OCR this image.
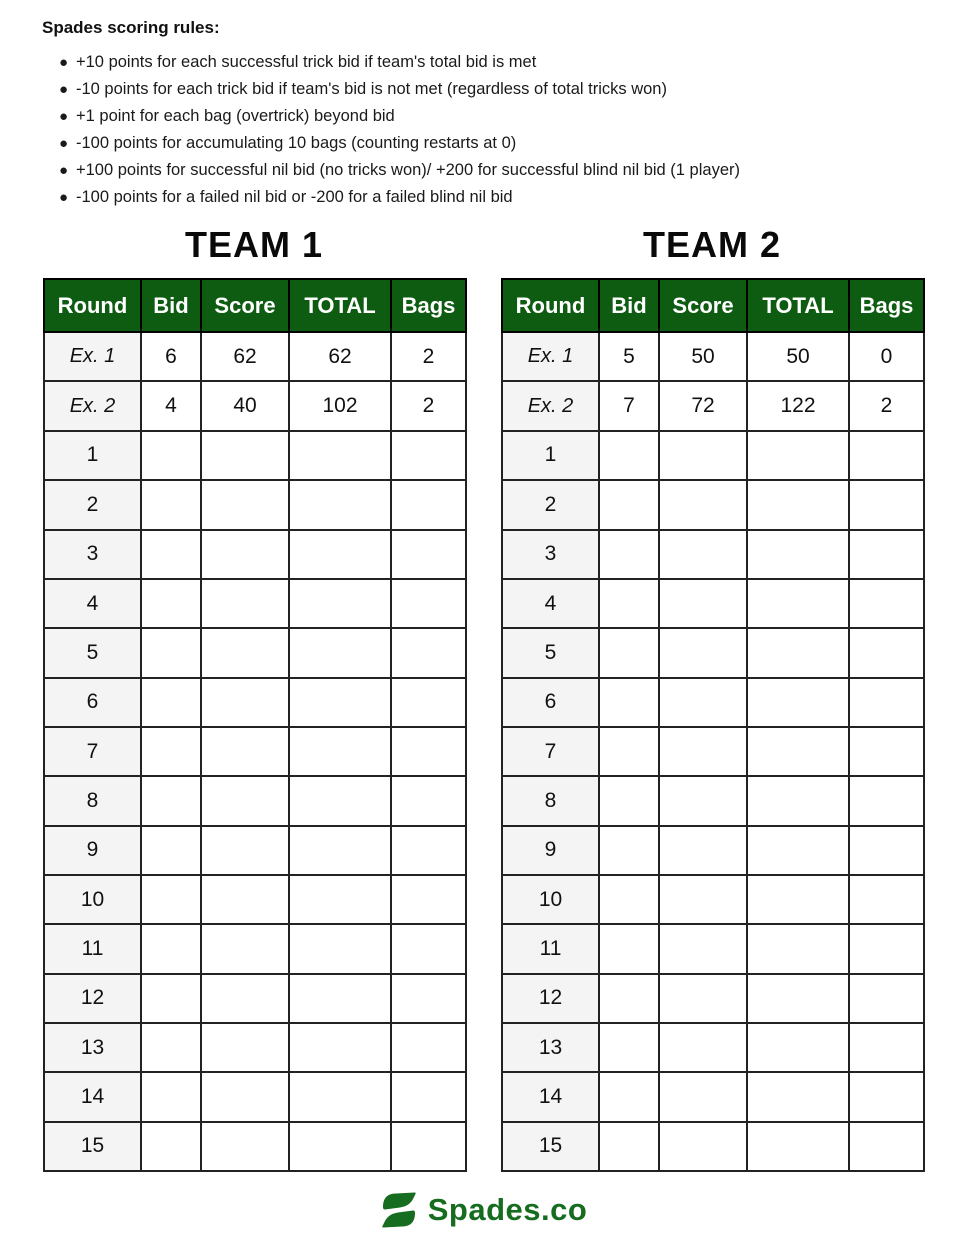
Spades scoring rules:
● +10 points for each successful trick bid if team's total bid is met
● -10 points for each trick bid if team's bid is not met (regardless of total tricks won)
● +1 point for each bag (overtrick) beyond bid
● -100 points for accumulating 10 bags (counting restarts at 0)
● +100 points for successful nil bid (no tricks won)/ +200 for successful blind nil bid (1 player)
● -100 points for a failed nil bid or -200 for a failed blind nil bid
TEAM 1
Round	Bid	Score	TOTAL	Bags
Ex. 1	6	62	62	2
Ex. 2	4	40	102	2
1				
2				
3				
4				
5				
6				
7				
8				
9				
10				
11				
12				
13				
14				
15				
TEAM 2
Round	Bid	Score	TOTAL	Bags
Ex. 1	5	50	50	0
Ex. 2	7	72	122	2
1				
2				
3				
4				
5				
6				
7				
8				
9				
10				
11				
12				
13				
14				
15				
Spades.co
